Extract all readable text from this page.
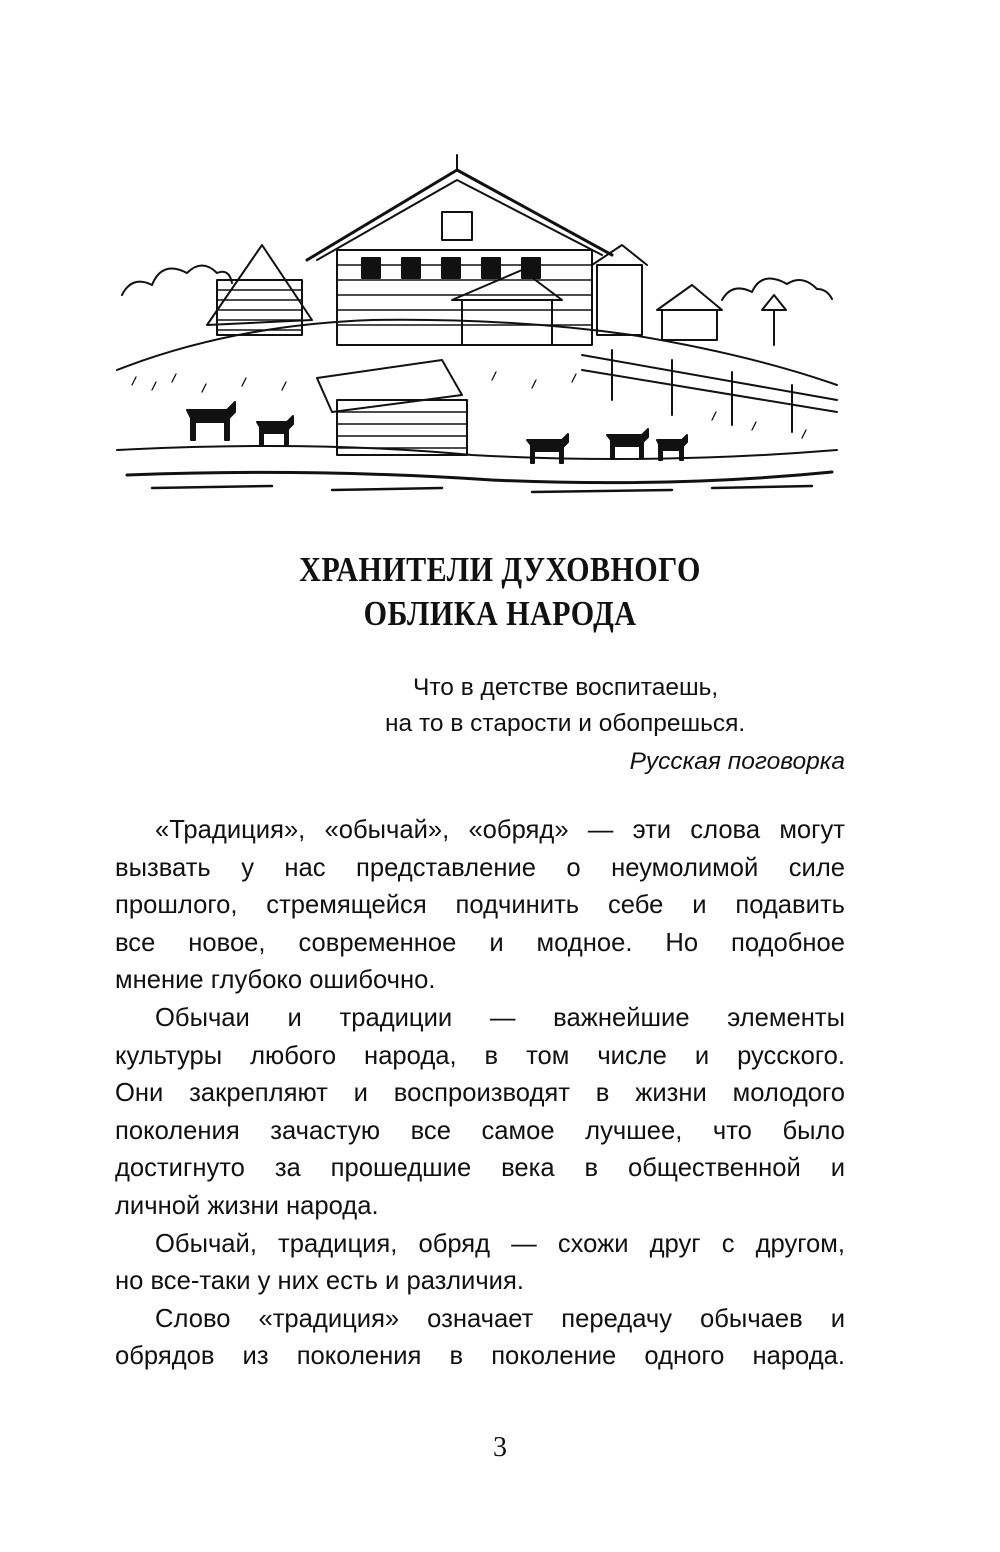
ХРАНИТЕЛИ ДУХОВНОГО
ОБЛИКА НАРОДА
Что в детстве воспитаешь,
на то в старости и обопрешься.
Русская поговорка

«Традиция», «обычай», «обряд» — эти слова могут
вызвать у нас представление о неумолимой силе
прошлого, стремящейся подчинить себе и подавить
все новое, современное и модное. Но подобное
мнение глубоко ошибочно.

Обычаи и традиции — важнейшие элементы
культуры любого народа, в том числе и русского.
Они закрепляют и воспроизводят в жизни молодого
поколения зачастую все самое лучшее, что было
достигнуто за прошедшие века в общественной и
личной жизни народа.

Обычай, традиция, обряд — схожи друг с другом,
но все-таки у них есть и различия.

Слово «традиция» означает передачу обычаев и
обрядов из поколения в поколение одного народа.

3
